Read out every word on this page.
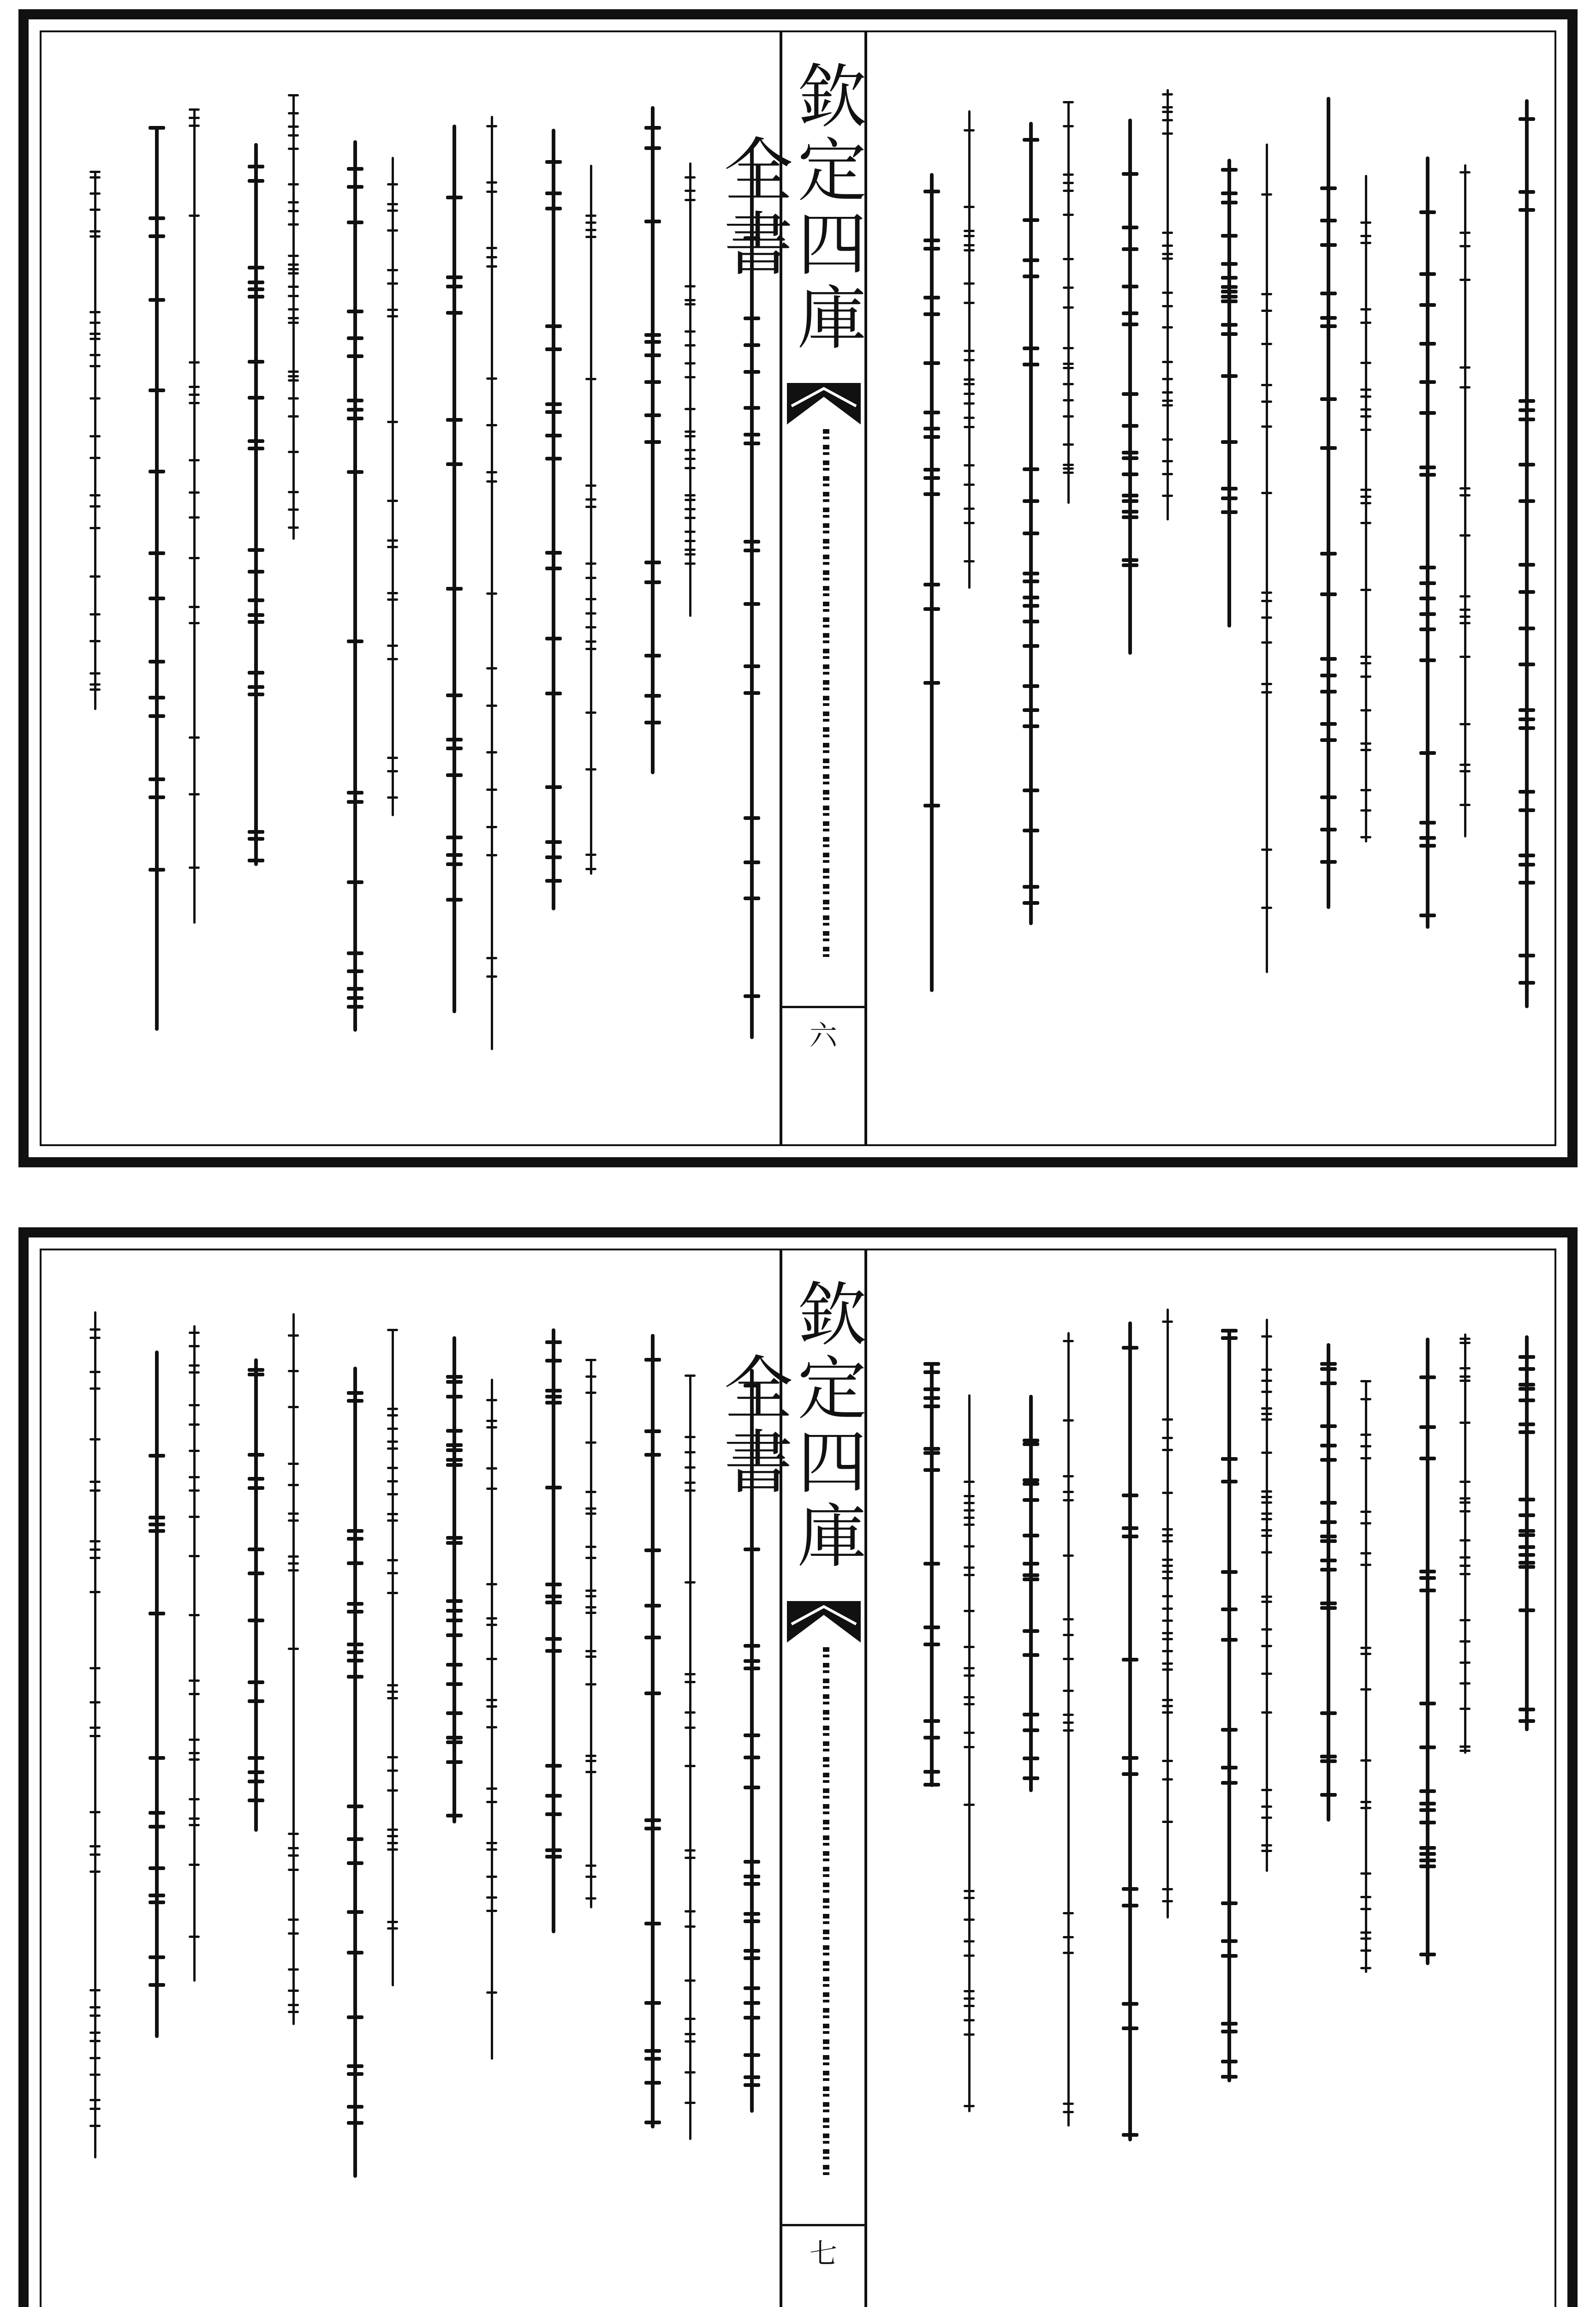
欽定四庫全書
六
欽定四庫全書
七
